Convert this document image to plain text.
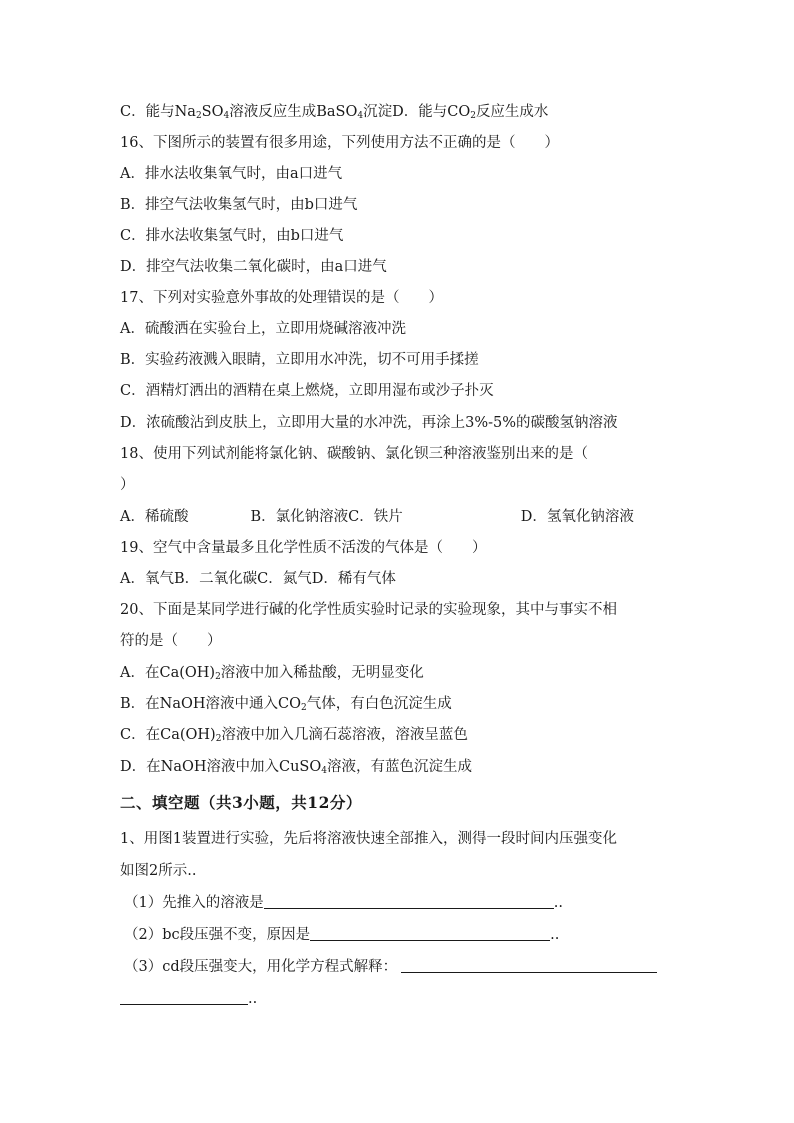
C．能与$Na_2SO_4$溶液反应生成BaSO$_4$沉淀D．能与$CO_2$反应生成水
16、下图所示的装置有很多用途，下列使用方法不正确的是（　　）
A．排水法收集氧气时，由a口进气
B．排空气法收集氢气时，由b口进气
C．排水法收集氢气时，由b口进气
D．排空气法收集二氧化碳时，由a口进气
17、下列对实验意外事故的处理错误的是（　　）
A．硫酸洒在实验台上，立即用烧碱溶液冲洗
B．实验药液溅入眼睛，立即用水冲洗，切不可用手揉搓
C．酒精灯洒出的酒精在桌上燃烧，立即用湿布或沙子扑灭
D．浓硫酸沾到皮肤上，立即用大量的水冲洗，再涂上3%-5%的碳酸氢钠溶液
18、使用下列试剂能将氯化钠、碳酸钠、氯化钡三种溶液鉴别出来的是（
）
A．稀硫酸	B．氯化钠溶液C．铁片	D．氢氧化钠溶液
19、空气中含量最多且化学性质不活泼的气体是（　　）
A．氧气B．二氧化碳C．氮气D．稀有气体
20、下面是某同学进行碱的化学性质实验时记录的实验现象，其中与事实不相
符的是（　　）
A．在$Ca(OH)_2$溶液中加入稀盐酸，无明显变化
B．在NaOH溶液中通入$CO_2$气体，有白色沉淀生成
C．在$Ca(OH)_2$溶液中加入几滴石蕊溶液，溶液呈蓝色
D．在NaOH溶液中加入CuSO$_4$溶液，有蓝色沉淀生成
二、填空题（共3小题，共12分）
1、用图1装置进行实验，先后将溶液快速全部推入，测得一段时间内压强变化
如图2所示..
（1）先推入的溶液是	..
（2）bc段压强不变，原因是	..
（3）cd段压强变大，用化学方程式解释：
..
